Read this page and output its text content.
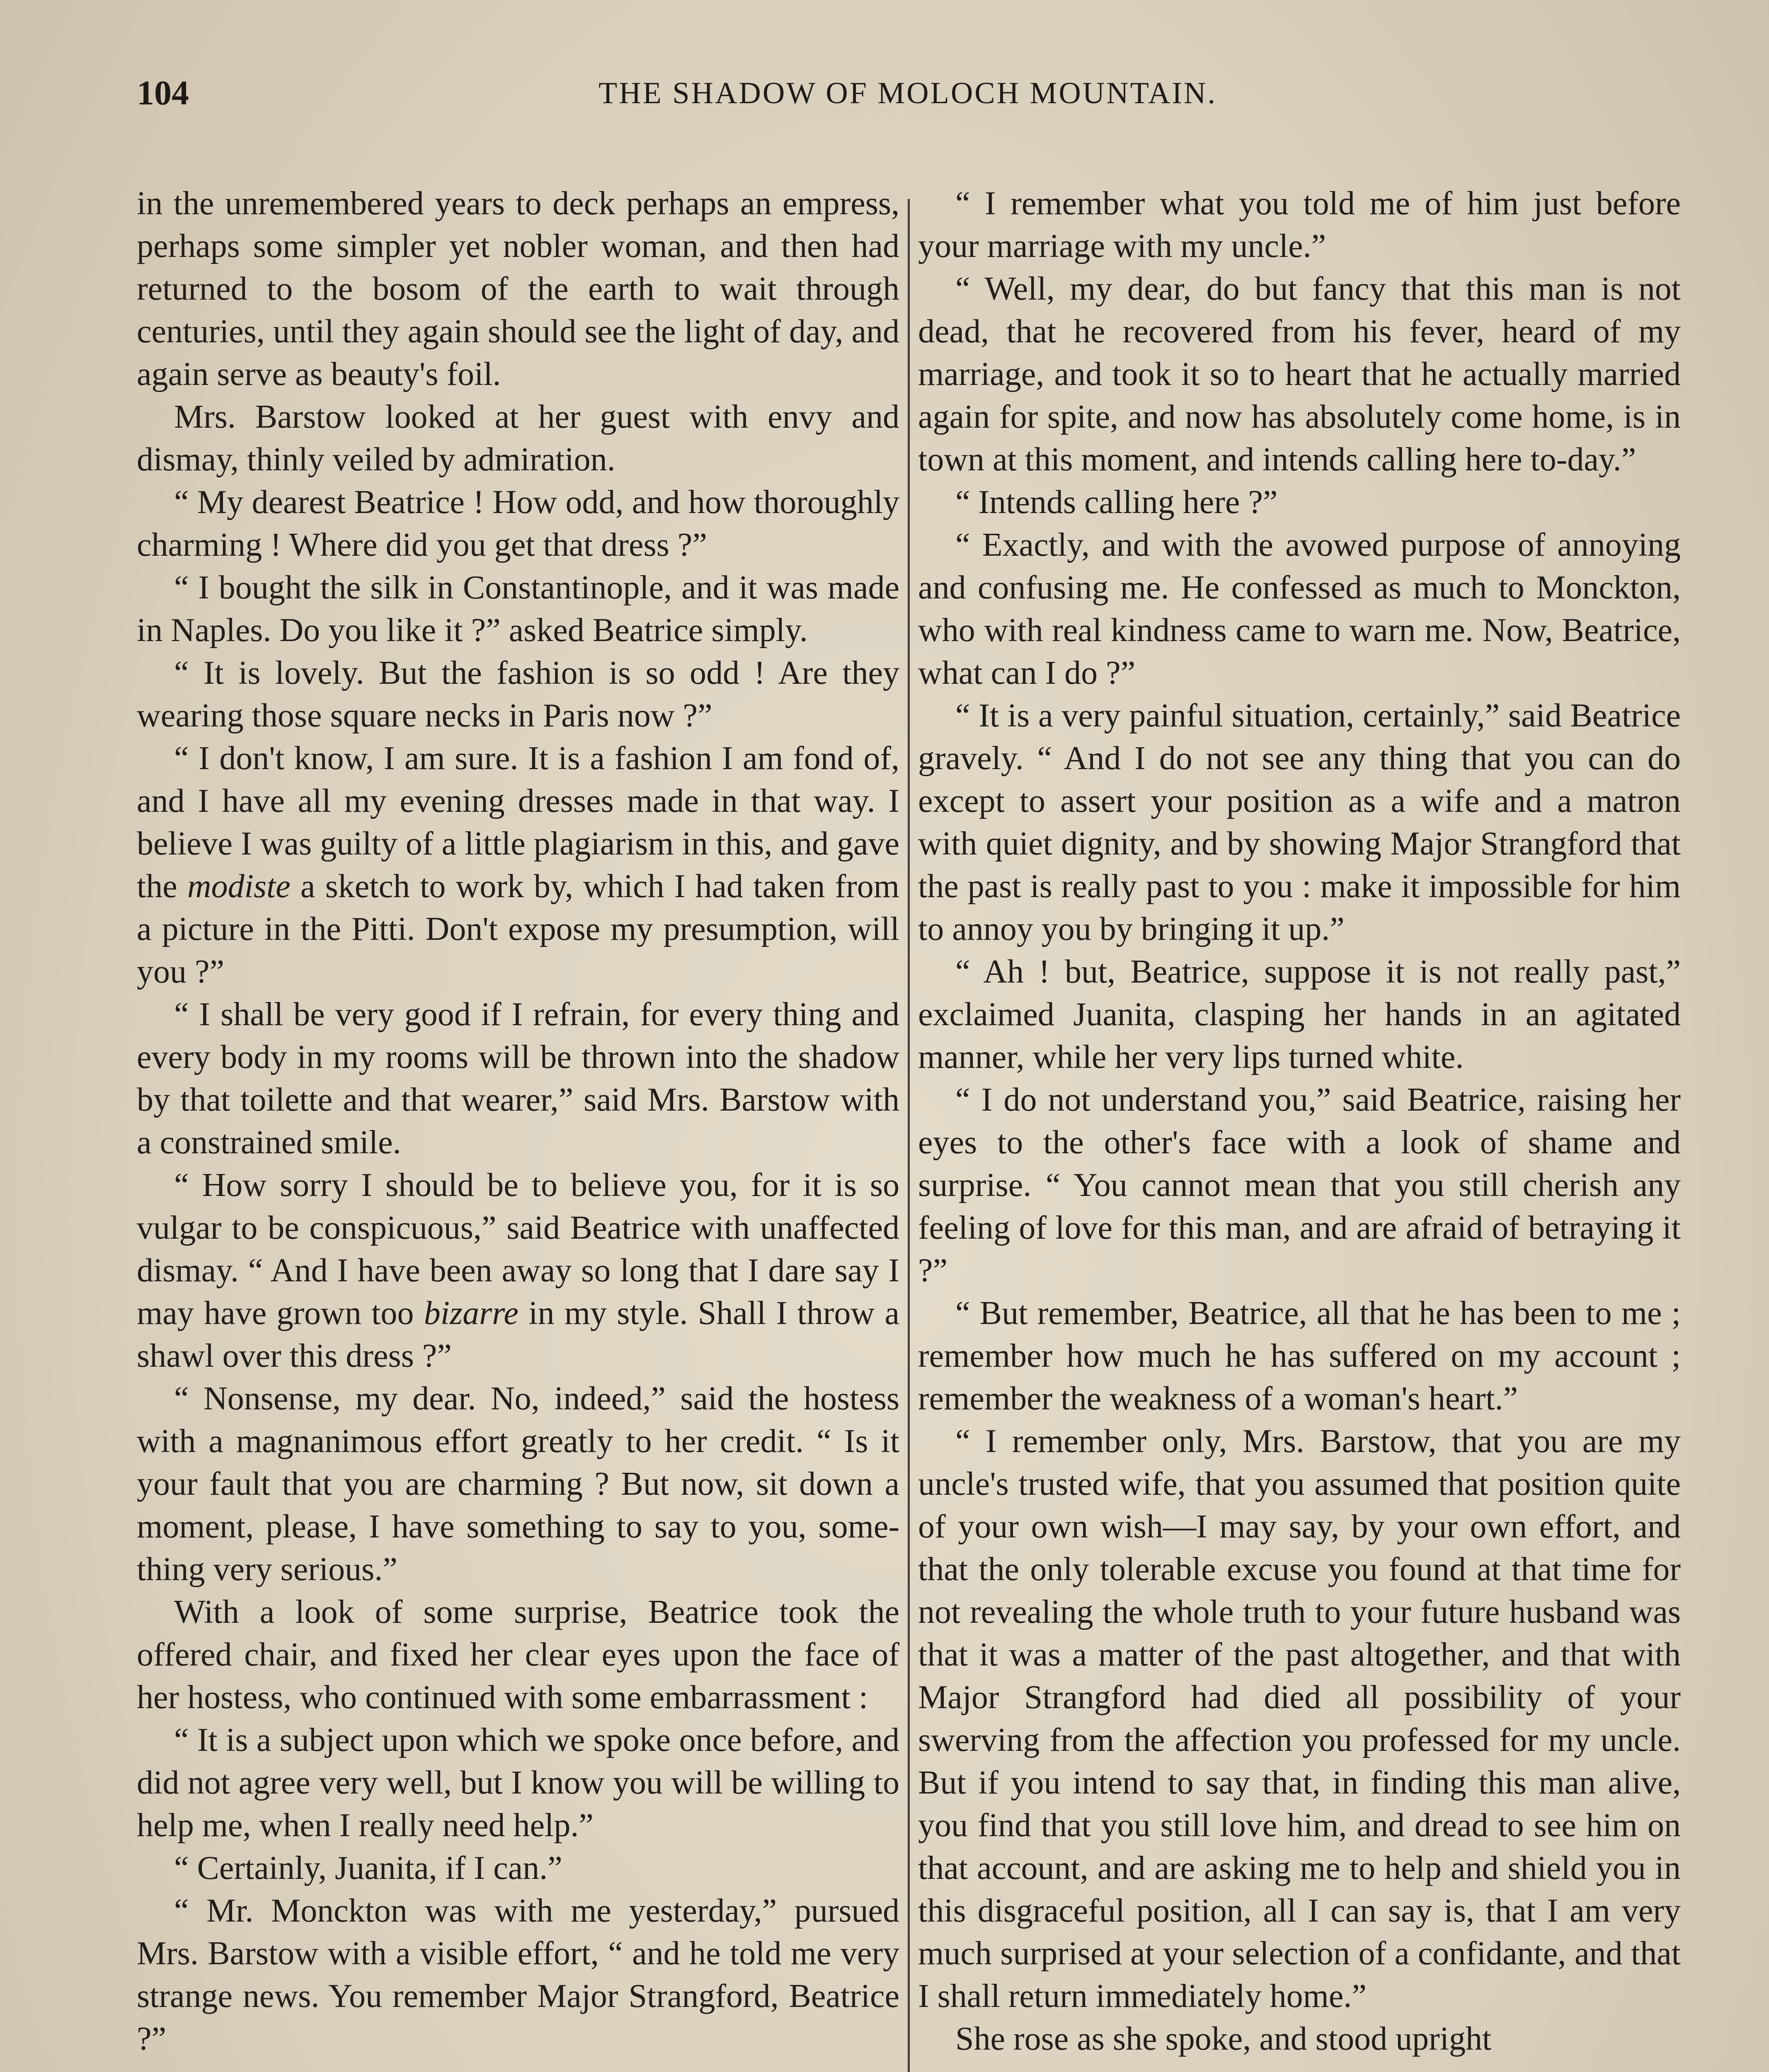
104	THE SHADOW OF MOLOCH MOUNTAIN.

in the unremembered years to deck perhaps an empress, perhaps some simpler yet nobler woman, and then had returned to the bosom of the earth to wait through centuries, until they again should see the light of day, and again serve as beauty's foil.

Mrs. Barstow looked at her guest with envy and dismay, thinly veiled by admiration.

“ My dearest Beatrice ! How odd, and how thoroughly charming ! Where did you get that dress ?”

“ I bought the silk in Constantinople, and it was made in Naples. Do you like it ?” asked Beatrice simply.

“ It is lovely. But the fashion is so odd ! Are they wearing those square necks in Paris now ?”

“ I don't know, I am sure. It is a fashion I am fond of, and I have all my evening dresses made in that way. I believe I was guilty of a little plagiarism in this, and gave the modiste a sketch to work by, which I had taken from a picture in the Pitti. Don't expose my presumption, will you ?”

“ I shall be very good if I refrain, for every thing and every body in my rooms will be thrown into the shadow by that toilette and that wearer,” said Mrs. Barstow with a constrained smile.

“ How sorry I should be to believe you, for it is so vulgar to be conspicuous,” said Beatrice with unaffected dismay. “ And I have been away so long that I dare say I may have grown too bizarre in my style. Shall I throw a shawl over this dress ?”

“ Nonsense, my dear. No, indeed,” said the hostess with a magnanimous effort greatly to her credit. “ Is it your fault that you are charming ? But now, sit down a moment, please, I have something to say to you, something very serious.”

With a look of some surprise, Beatrice took the offered chair, and fixed her clear eyes upon the face of her hostess, who continued with some embarrassment :

“ It is a subject upon which we spoke once before, and did not agree very well, but I know you will be willing to help me, when I really need help.”

“ Certainly, Juanita, if I can.”

“ Mr. Monckton was with me yesterday,” pursued Mrs. Barstow with a visible effort, “ and he told me very strange news. You remember Major Strangford, Beatrice ?”

“ I remember what you told me of him just before your marriage with my uncle.”

“ Well, my dear, do but fancy that this man is not dead, that he recovered from his fever, heard of my marriage, and took it so to heart that he actually married again for spite, and now has absolutely come home, is in town at this moment, and intends calling here to-day.”

“ Intends calling here ?”

“ Exactly, and with the avowed purpose of annoying and confusing me. He confessed as much to Monckton, who with real kindness came to warn me. Now, Beatrice, what can I do ?”

“ It is a very painful situation, certainly,” said Beatrice gravely. “ And I do not see any thing that you can do except to assert your position as a wife and a matron with quiet dignity, and by showing Major Strangford that the past is really past to you : make it impossible for him to annoy you by bringing it up.”

“ Ah ! but, Beatrice, suppose it is not really past,” exclaimed Juanita, clasping her hands in an agitated manner, while her very lips turned white.

“ I do not understand you,” said Beatrice, raising her eyes to the other's face with a look of shame and surprise. “ You cannot mean that you still cherish any feeling of love for this man, and are afraid of betraying it ?”

“ But remember, Beatrice, all that he has been to me ; remember how much he has suffered on my account ; remember the weakness of a woman's heart.”

“ I remember only, Mrs. Barstow, that you are my uncle's trusted wife, that you assumed that position quite of your own wish—I may say, by your own effort, and that the only tolerable excuse you found at that time for not revealing the whole truth to your future husband was that it was a matter of the past altogether, and that with Major Strangford had died all possibility of your swerving from the affection you professed for my uncle. But if you intend to say that, in finding this man alive, you find that you still love him, and dread to see him on that account, and are asking me to help and shield you in this disgraceful position, all I can say is, that I am very much surprised at your selection of a confidante, and that I shall return immediately home.”

She rose as she spoke, and stood upright
